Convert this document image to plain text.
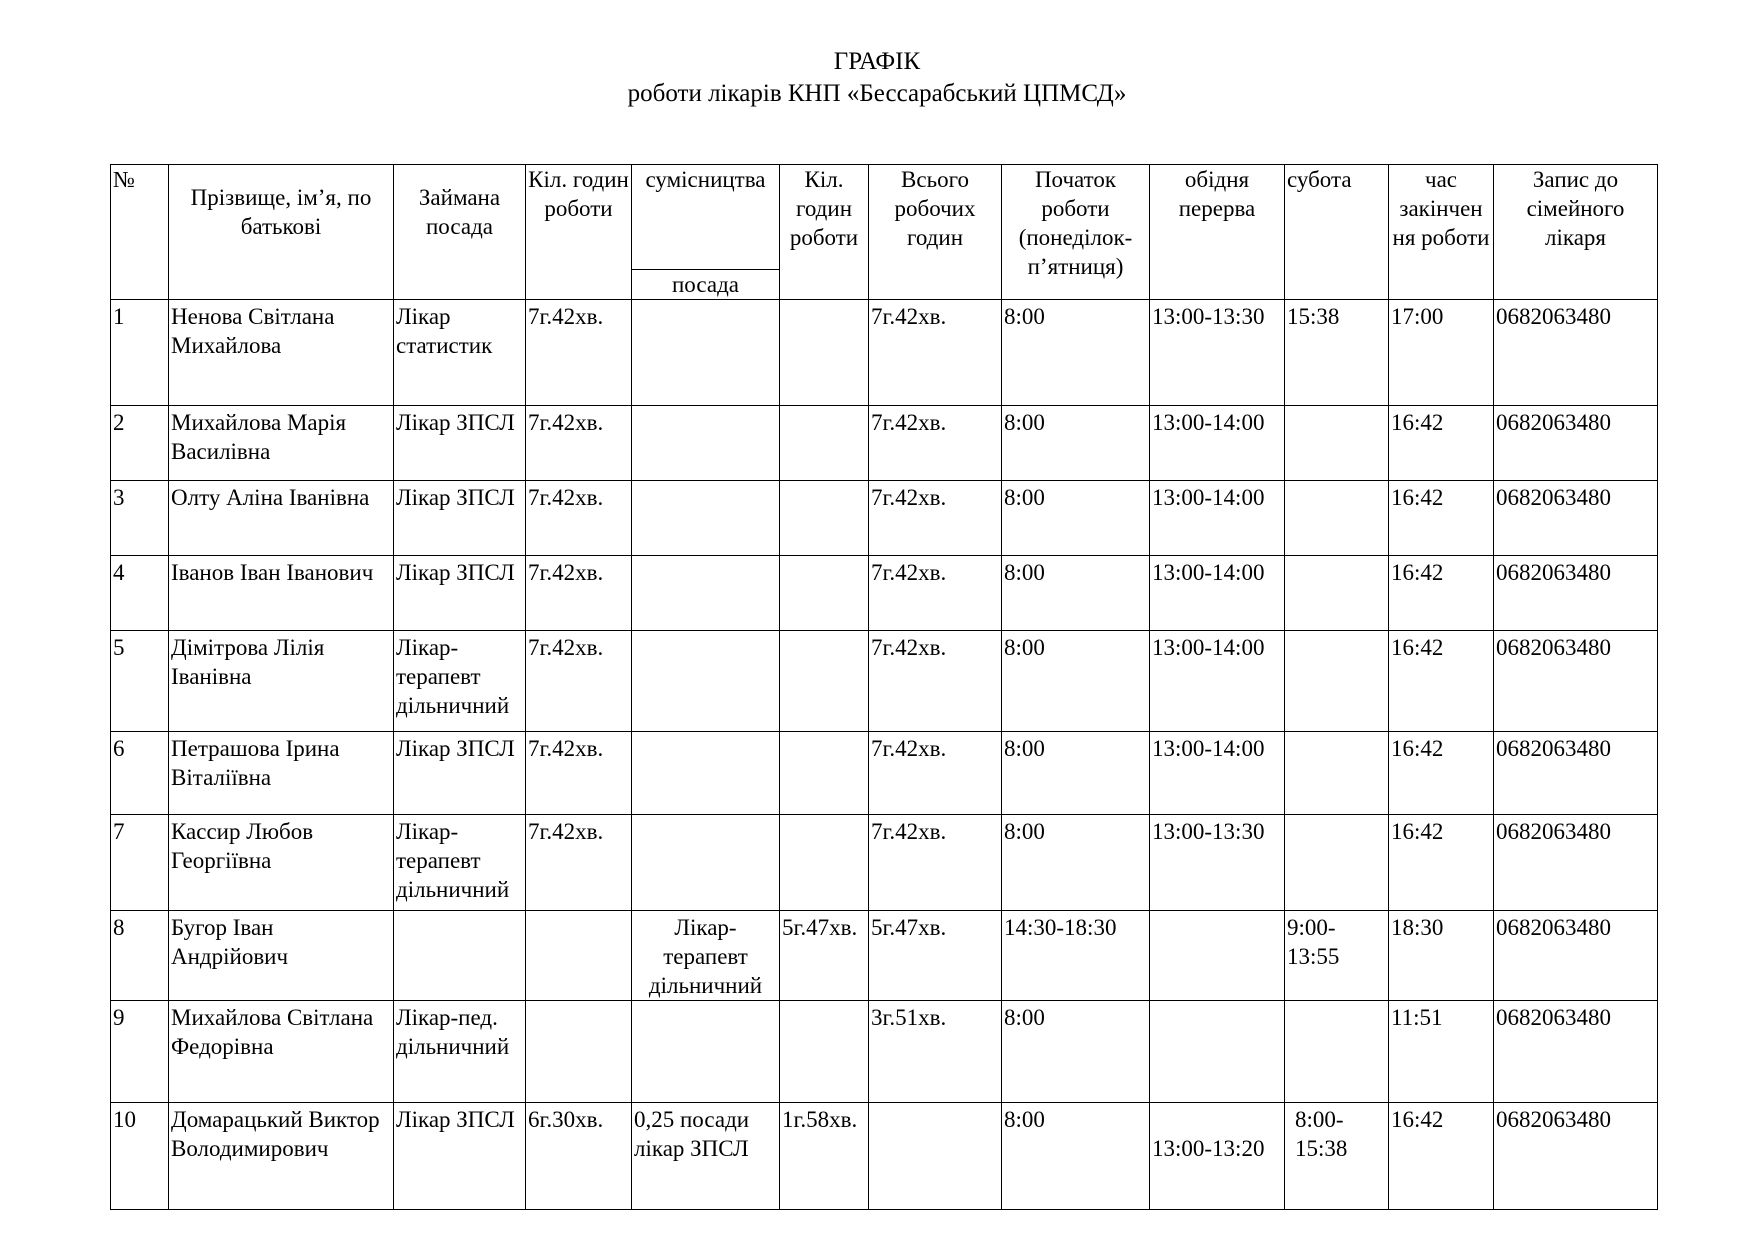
ГРАФІК
роботи лікарів КНП «Бессарабський ЦПМСД»
№	Прізвище, ім’я, по батькові	Займана посада	Кіл. годин роботи	сумісництва	Кіл. годин роботи	Всього робочих годин	Початок роботи (понеділок-п’ятниця)	обідня перерва	субота	час закінчен ня роботи	Запис до сімейного лікаря
				посада							
1	Ненова Світлана Михайлова	Лікар статистик	7г.42хв.			7г.42хв.	8:00	13:00-13:30	15:38	17:00	0682063480
2	Михайлова Марія Василівна	Лікар ЗПСЛ	7г.42хв.			7г.42хв.	8:00	13:00-14:00		16:42	0682063480
3	Олту Аліна Іванівна	Лікар ЗПСЛ	7г.42хв.			7г.42хв.	8:00	13:00-14:00		16:42	0682063480
4	Іванов Іван Іванович	Лікар ЗПСЛ	7г.42хв.			7г.42хв.	8:00	13:00-14:00		16:42	0682063480
5	Дімітрова Лілія Іванівна	Лікар-терапевт дільничний	7г.42хв.			7г.42хв.	8:00	13:00-14:00		16:42	0682063480
6	Петрашова Ірина Віталіївна	Лікар ЗПСЛ	7г.42хв.			7г.42хв.	8:00	13:00-14:00		16:42	0682063480
7	Кассир Любов Георгіївна	Лікар-терапевт дільничний	7г.42хв.			7г.42хв.	8:00	13:00-13:30		16:42	0682063480
8	Бугор Іван Андрійович			Лікар-терапевт дільничний	5г.47хв.	5г.47хв.	14:30-18:30		9:00-13:55	18:30	0682063480
9	Михайлова Світлана Федорівна	Лікар-пед. дільничний				3г.51хв.	8:00			11:51	0682063480
10	Домарацький Виктор Володимирович	Лікар ЗПСЛ	6г.30хв.	0,25 посади лікар ЗПСЛ	1г.58хв.		8:00	13:00-13:20	8:00-15:38	16:42	0682063480
